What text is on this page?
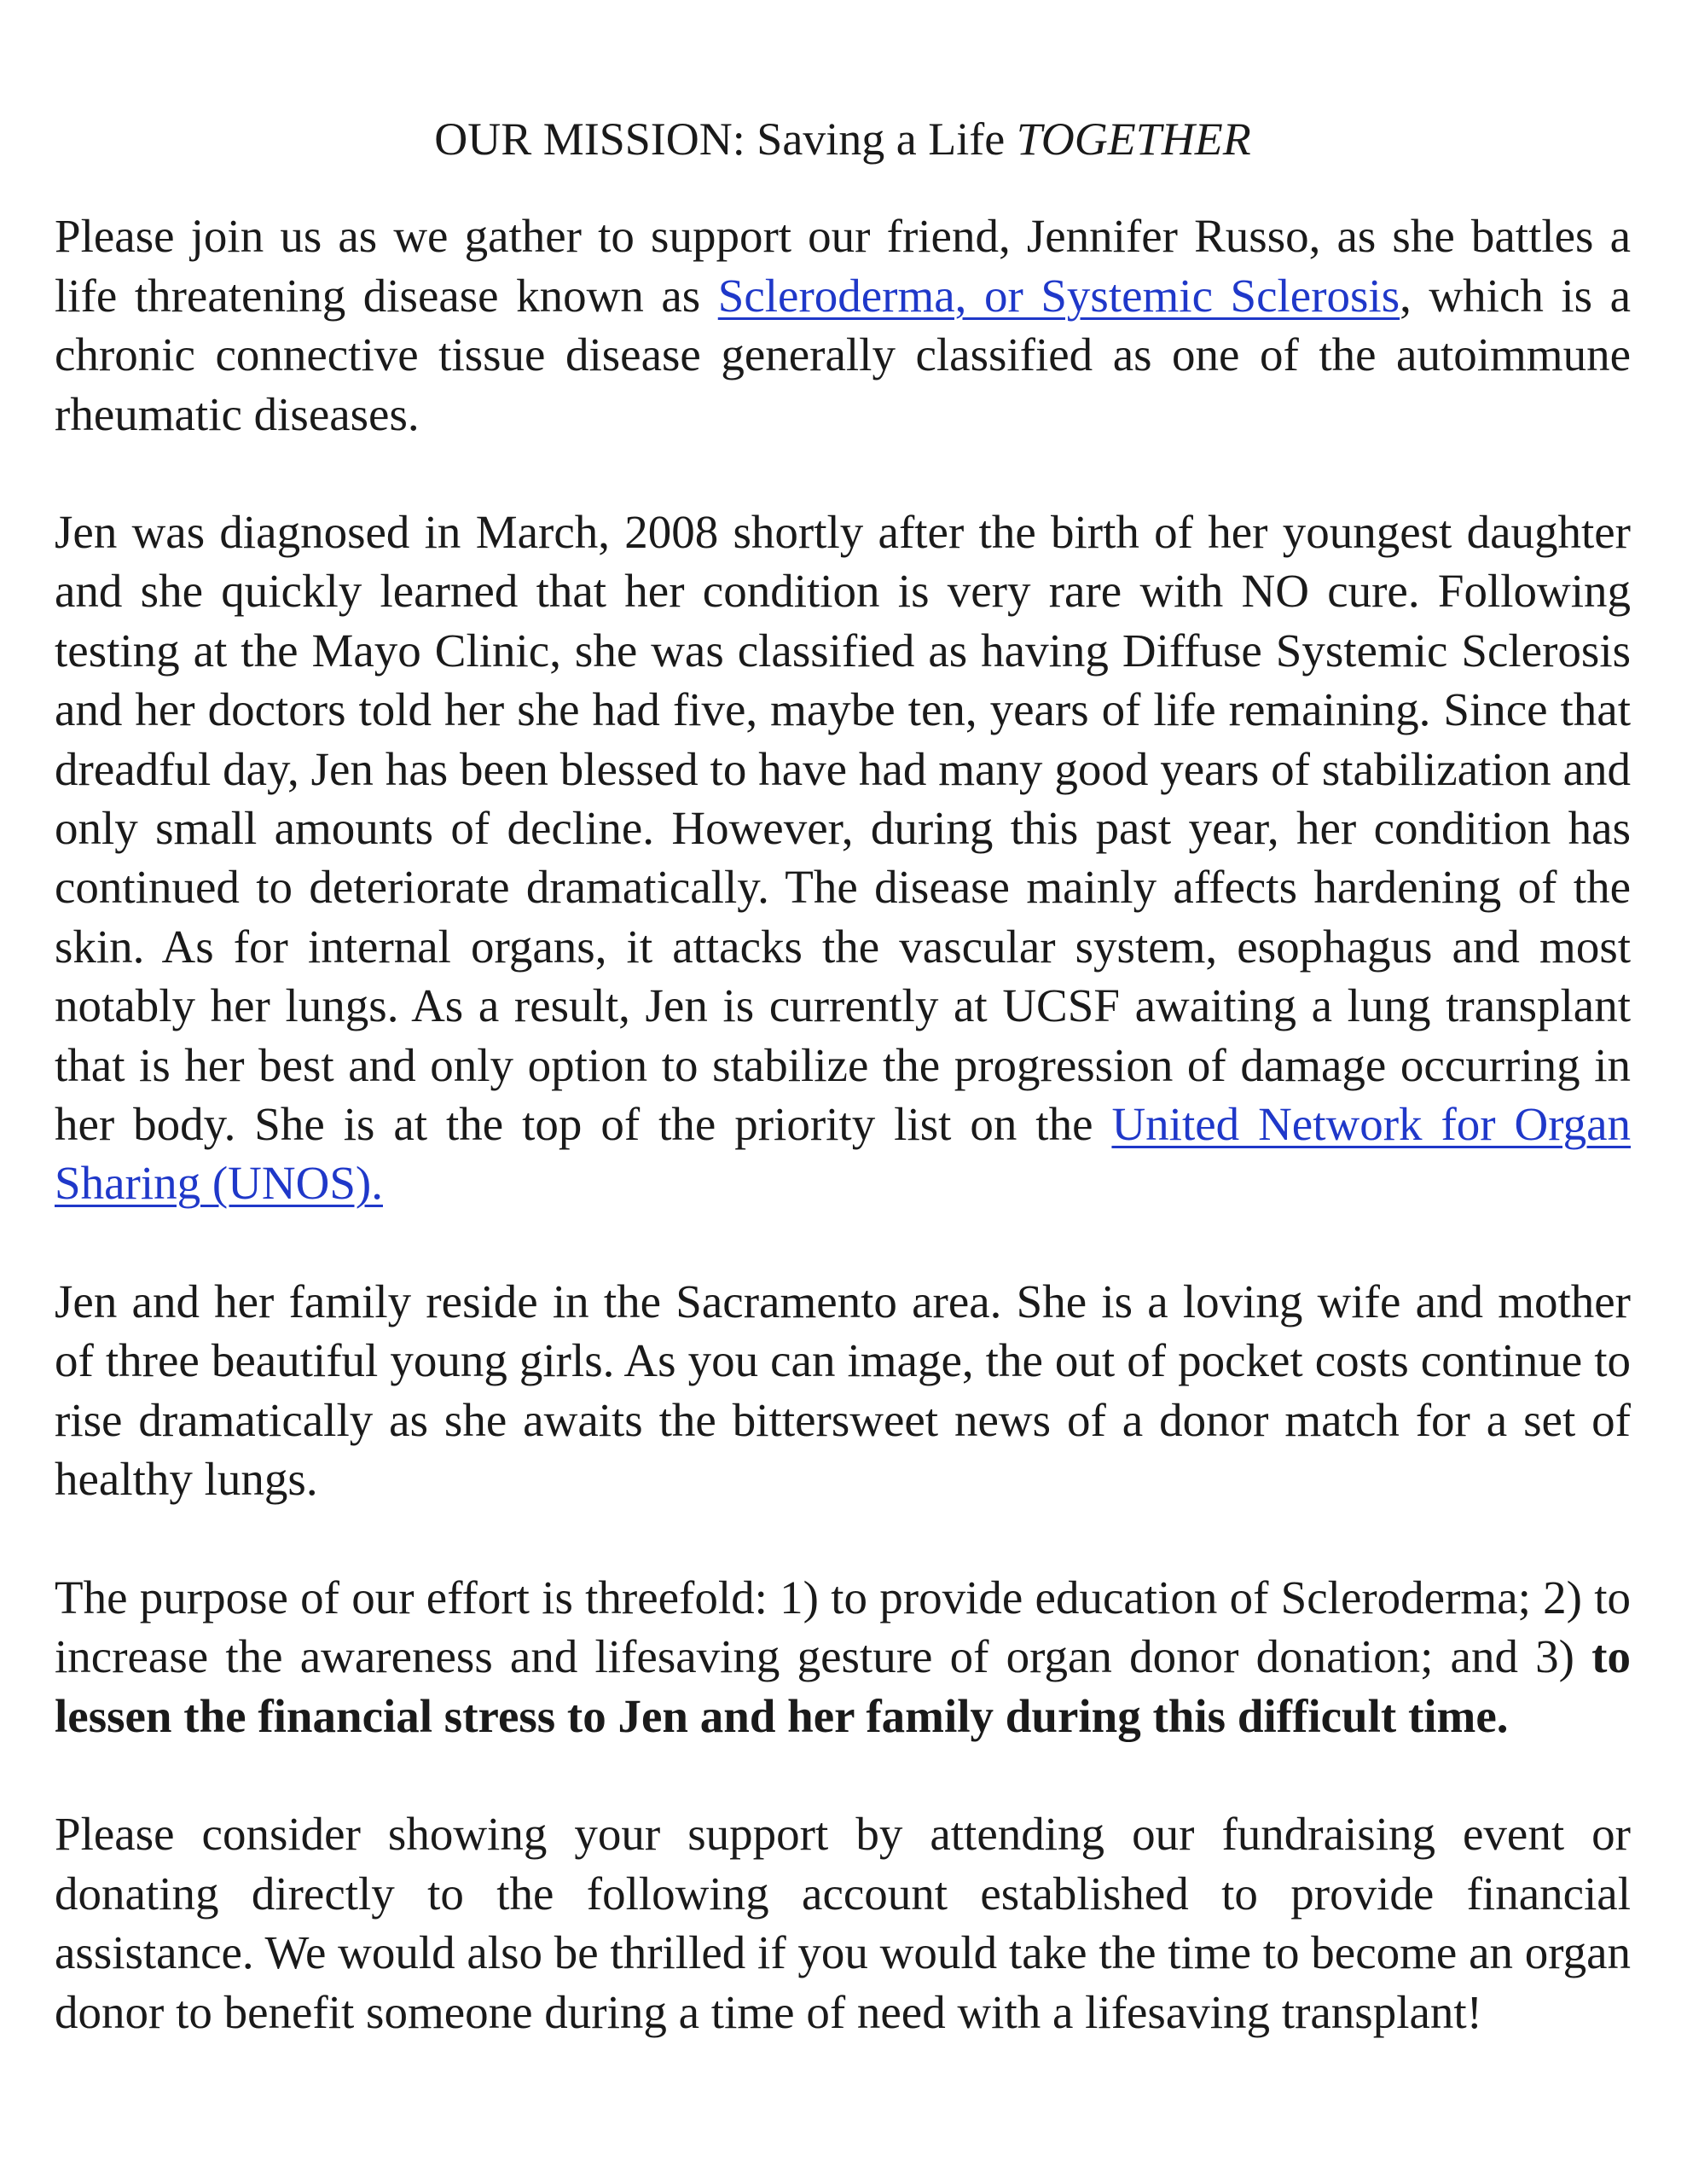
OUR MISSION: Saving a Life TOGETHER

Please join us as we gather to support our friend, Jennifer Russo, as she battles a life threatening disease known as Scleroderma, or Systemic Sclerosis, which is a chronic connective tissue disease generally classified as one of the autoimmune rheumatic diseases.

Jen was diagnosed in March, 2008 shortly after the birth of her youngest daughter and she quickly learned that her condition is very rare with NO cure. Following testing at the Mayo Clinic, she was classified as having Diffuse Systemic Sclerosis and her doctors told her she had five, maybe ten, years of life remaining. Since that dreadful day, Jen has been blessed to have had many good years of stabilization and only small amounts of decline. However, during this past year, her condition has continued to deteriorate dramatically. The disease mainly affects hardening of the skin. As for internal organs, it attacks the vascular system, esophagus and most notably her lungs. As a result, Jen is currently at UCSF awaiting a lung transplant that is her best and only option to stabilize the progression of damage occurring in her body. She is at the top of the priority list on the United Network for Organ Sharing (UNOS).

Jen and her family reside in the Sacramento area. She is a loving wife and mother of three beautiful young girls. As you can image, the out of pocket costs continue to rise dramatically as she awaits the bittersweet news of a donor match for a set of healthy lungs.

The purpose of our effort is threefold: 1) to provide education of Scleroderma; 2) to increase the awareness and lifesaving gesture of organ donor donation; and 3) to lessen the financial stress to Jen and her family during this difficult time.

Please consider showing your support by attending our fundraising event or donating directly to the following account established to provide financial assistance. We would also be thrilled if you would take the time to become an organ donor to benefit someone during a time of need with a lifesaving transplant!
